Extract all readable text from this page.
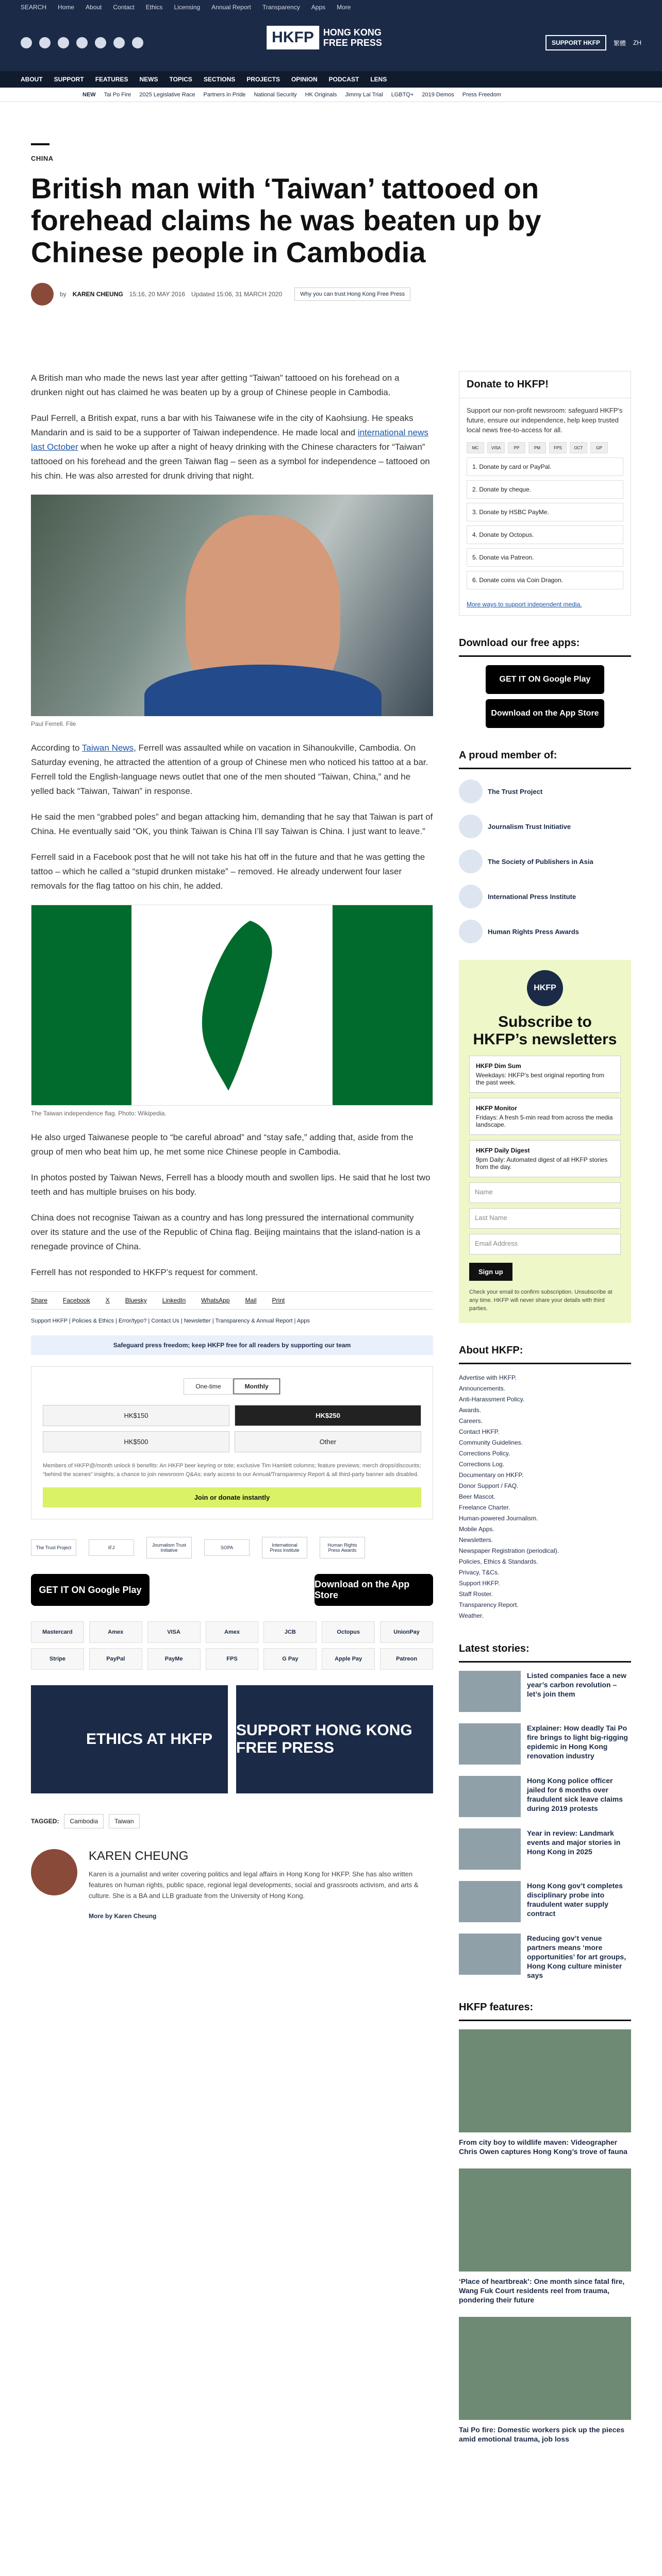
SEARCH Home About Contact Ethics Licensing Annual Report Transparency Apps More
HKFP	HONG KONG FREE PRESS	SUPPORT HKFP	繁體 ZH
ABOUT SUPPORT FEATURES NEWS TOPICS SECTIONS PROJECTS OPINION PODCAST LENS
NEW Tai Po Fire 2025 Legislative Race Partners in Pride National Security HK Originals Jimmy Lai Trial LGBTQ+ 2019 Demos Press Freedom
CHINA
British man with ‘Taiwan’ tattooed on forehead claims he was beaten up by Chinese people in Cambodia
by KAREN CHEUNG 15:16, 20 MAY 2016 Updated 15:06, 31 MARCH 2020	Why you can trust Hong Kong Free Press

A British man who made the news last year after getting “Taiwan” tattooed on his forehead on a drunken night out has claimed he was beaten up by a group of Chinese people in Cambodia.

Paul Ferrell, a British expat, runs a bar with his Taiwanese wife in the city of Kaohsiung. He speaks Mandarin and is said to be a supporter of Taiwan independence. He made local and international news last October when he woke up after a night of heavy drinking with the Chinese characters for “Taiwan” tattooed on his forehead and the green Taiwan flag – seen as a symbol for independence – tattooed on his chin. He was also arrested for drunk driving that night.

Paul Ferrell. File

According to Taiwan News, Ferrell was assaulted while on vacation in Sihanoukville, Cambodia. On Saturday evening, he attracted the attention of a group of Chinese men who noticed his tattoo at a bar. Ferrell told the English-language news outlet that one of the men shouted “Taiwan, China,” and he yelled back “Taiwan, Taiwan” in response.

He said the men “grabbed poles” and began attacking him, demanding that he say that Taiwan is part of China. He eventually said “OK, you think Taiwan is China I’ll say Taiwan is China. I just want to leave.”

Ferrell said in a Facebook post that he will not take his hat off in the future and that he was getting the tattoo – which he called a “stupid drunken mistake” – removed. He already underwent four laser removals for the flag tattoo on his chin, he added.

The Taiwan independence flag. Photo: Wikipedia.

He also urged Taiwanese people to “be careful abroad” and “stay safe,” adding that, aside from the group of men who beat him up, he met some nice Chinese people in Cambodia.

In photos posted by Taiwan News, Ferrell has a bloody mouth and swollen lips. He said that he lost two teeth and has multiple bruises on his body.

China does not recognise Taiwan as a country and has long pressured the international community over its stature and the use of the Republic of China flag. Beijing maintains that the island-nation is a renegade province of China.

Ferrell has not responded to HKFP’s request for comment.

Share	Facebook	X	Bluesky	LinkedIn	WhatsApp	Mail	Print
Support HKFP | Policies & Ethics | Error/typo? | Contact Us | Newsletter | Transparency & Annual Report | Apps
Safeguard press freedom; keep HKFP free for all readers by supporting our team
One-time	Monthly
HK$150	HK$250
HK$500	Other
Members of HKFP@/month unlock 6 benefits: An HKFP beer keyring or tote; exclusive Tim Hamlett columns; feature previews; merch drops/discounts; “behind the scenes” insights; a chance to join newsroom Q&As; early access to our Annual/Transparency Report & all third-party banner ads disabled.
Join or donate instantly
The Trust Project	IFJ	Journalism Trust Initiative	SOPA	International Press Institute
Human Rights Press Awards
GET IT ON Google Play
Download on the App Store
Mastercard	Amex	VISA	Amex	JCB	Octopus	UnionPay
Stripe	PayPal	PayMe	FPS	G Pay	Apple Pay	Patreon
ETHICS AT HKFP
SUPPORT HONG KONG FREE PRESS
TAGGED:	Cambodia	Taiwan
KAREN CHEUNG

Karen is a journalist and writer covering politics and legal affairs in Hong Kong for HKFP. She has also written features on human rights, public space, regional legal developments, social and grassroots activism, and arts & culture. She is a BA and LLB graduate from the University of Hong Kong.

More by Karen Cheung
Donate to HKFP!
Support our non-profit newsroom: safeguard HKFP’s future, ensure our independence, help keep trusted local news free-to-access for all.
MC	VISA	PP	PM	FPS	OCT	GP
1. Donate by card or PayPal.
2. Donate by cheque.
3. Donate by HSBC PayMe.
4. Donate by Octopus.
5. Donate via Patreon.
6. Donate coins via Coin Dragon.
More ways to support independent media.
Download our free apps:
GET IT ON Google Play
Download on the App Store
A proud member of:
The Trust Project
Journalism Trust Initiative
The Society of Publishers in Asia
International Press Institute
Human Rights Press Awards
HKFP
Subscribe to HKFP’s newsletters
HKFP Dim Sum
Weekdays: HKFP’s best original reporting from the past week.
HKFP Monitor
Fridays: A fresh 5-min read from across the media landscape.
HKFP Daily Digest
9pm Daily: Automated digest of all HKFP stories from the day.
Name
Last Name
Email Address
Sign up
Check your email to confirm subscription. Unsubscribe at any time. HKFP will never share your details with third parties.
About HKFP:
Advertise with HKFP.
Announcements.
Anti-Harassment Policy.
Awards.
Careers.
Contact HKFP.
Community Guidelines.
Corrections Policy.
Corrections Log.
Documentary on HKFP.
Donor Support / FAQ.
Beer Mascot.
Freelance Charter.
Human-powered Journalism.
Mobile Apps.
Newsletters.
Newspaper Registration (periodical).
Policies, Ethics & Standards.
Privacy, T&Cs.
Support HKFP.
Staff Roster.
Transparency Report.
Weather.
Latest stories:
Listed companies face a new year’s carbon revolution – let’s join them
Explainer: How deadly Tai Po fire brings to light big-rigging epidemic in Hong Kong renovation industry
Hong Kong police officer jailed for 6 months over fraudulent sick leave claims during 2019 protests
Year in review: Landmark events and major stories in Hong Kong in 2025
Hong Kong gov’t completes disciplinary probe into fraudulent water supply contract
Reducing gov’t venue partners means ‘more opportunities’ for art groups, Hong Kong culture minister says
HKFP features:
From city boy to wildlife maven: Videographer Chris Owen captures Hong Kong’s trove of fauna
‘Place of heartbreak’: One month since fatal fire, Wang Fuk Court residents reel from trauma, pondering their future
Tai Po fire: Domestic workers pick up the pieces amid emotional trauma, job loss
